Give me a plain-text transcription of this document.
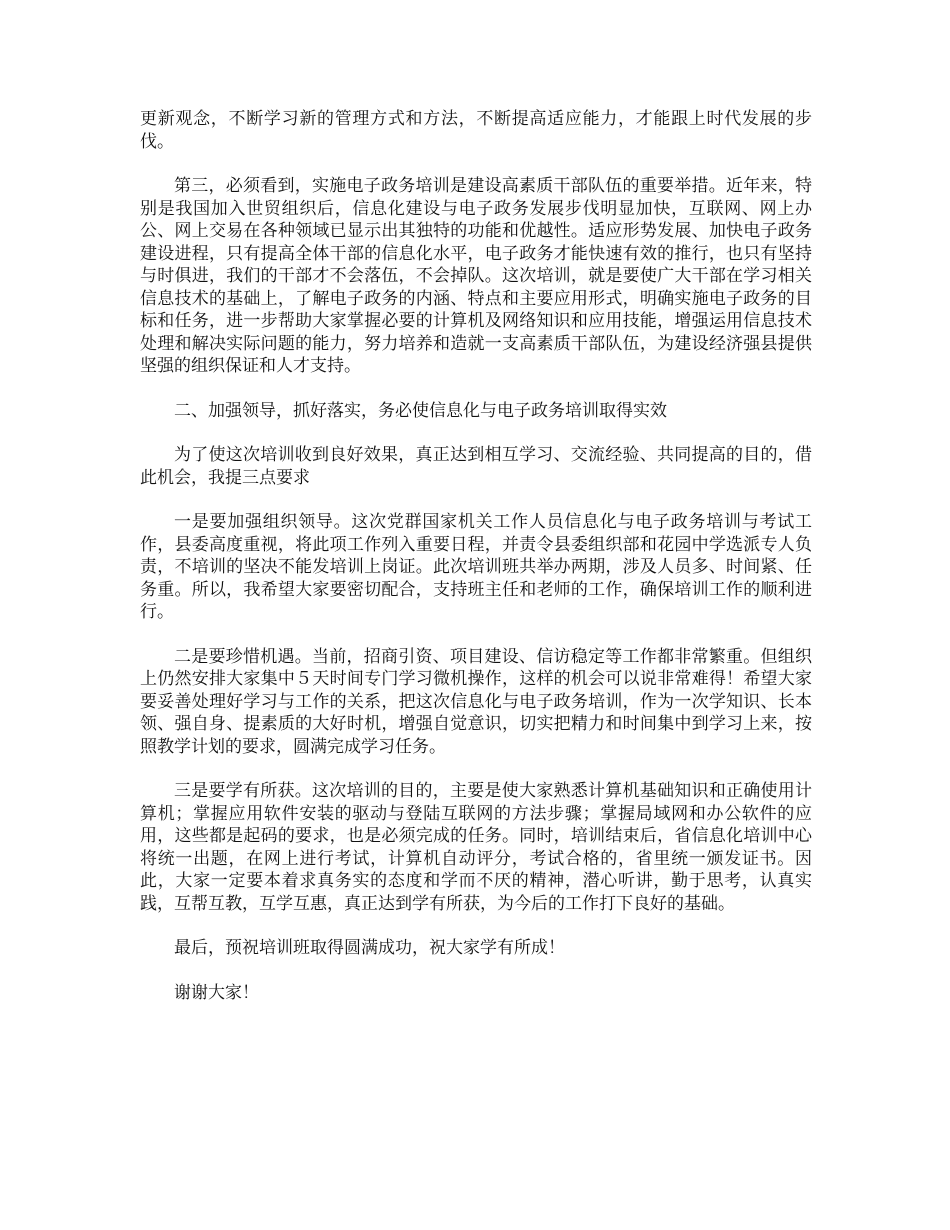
更新观念，不断学习新的管理方式和方法，不断提高适应能力，才能跟上时代发展的步伐。

第三，必须看到，实施电子政务培训是建设高素质干部队伍的重要举措。近年来，特别是我国加入世贸组织后，信息化建设与电子政务发展步伐明显加快，互联网、网上办公、网上交易在各种领域已显示出其独特的功能和优越性。适应形势发展、加快电子政务建设进程，只有提高全体干部的信息化水平，电子政务才能快速有效的推行，也只有坚持与时俱进，我们的干部才不会落伍，不会掉队。这次培训，就是要使广大干部在学习相关信息技术的基础上，了解电子政务的内涵、特点和主要应用形式，明确实施电子政务的目标和任务，进一步帮助大家掌握必要的计算机及网络知识和应用技能，增强运用信息技术处理和解决实际问题的能力，努力培养和造就一支高素质干部队伍，为建设经济强县提供坚强的组织保证和人才支持。

二、加强领导，抓好落实，务必使信息化与电子政务培训取得实效

为了使这次培训收到良好效果，真正达到相互学习、交流经验、共同提高的目的，借此机会，我提三点要求

一是要加强组织领导。这次党群国家机关工作人员信息化与电子政务培训与考试工作，县委高度重视，将此项工作列入重要日程，并责令县委组织部和花园中学选派专人负责，不培训的坚决不能发培训上岗证。此次培训班共举办两期，涉及人员多、时间紧、任务重。所以，我希望大家要密切配合，支持班主任和老师的工作，确保培训工作的顺利进行。

二是要珍惜机遇。当前，招商引资、项目建设、信访稳定等工作都非常繁重。但组织上仍然安排大家集中５天时间专门学习微机操作，这样的机会可以说非常难得！希望大家要妥善处理好学习与工作的关系，把这次信息化与电子政务培训，作为一次学知识、长本领、强自身、提素质的大好时机，增强自觉意识，切实把精力和时间集中到学习上来，按照教学计划的要求，圆满完成学习任务。

三是要学有所获。这次培训的目的，主要是使大家熟悉计算机基础知识和正确使用计算机；掌握应用软件安装的驱动与登陆互联网的方法步骤；掌握局域网和办公软件的应用，这些都是起码的要求，也是必须完成的任务。同时，培训结束后，省信息化培训中心将统一出题，在网上进行考试，计算机自动评分，考试合格的，省里统一颁发证书。因此，大家一定要本着求真务实的态度和学而不厌的精神，潜心听讲，勤于思考，认真实践，互帮互教，互学互惠，真正达到学有所获，为今后的工作打下良好的基础。

最后，预祝培训班取得圆满成功，祝大家学有所成！

谢谢大家！
